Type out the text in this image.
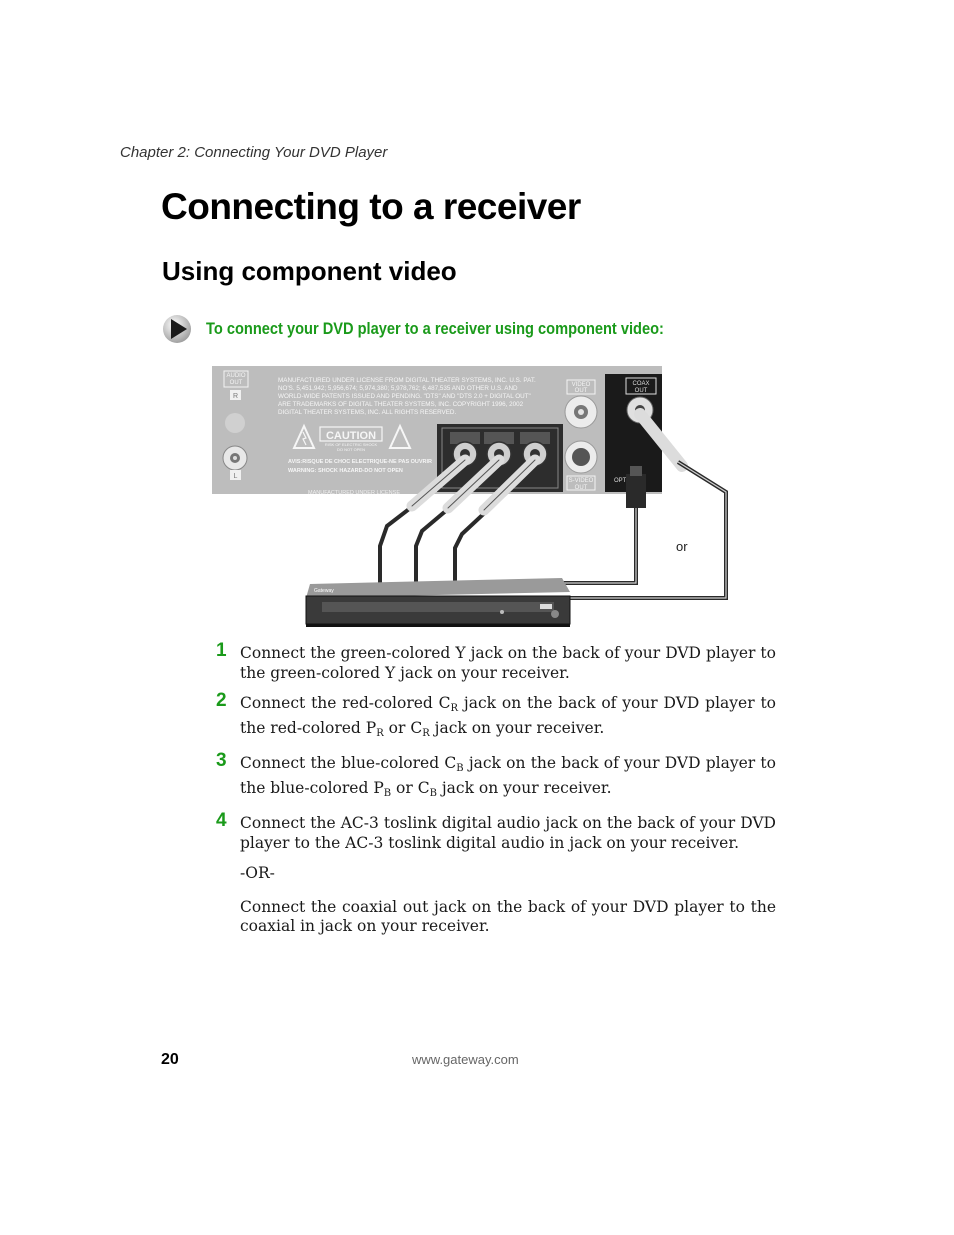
Chapter 2: Connecting Your DVD Player
Connecting to a receiver
Using component video
To connect your DVD player to a receiver using component video:
AUDIO
OUT
R
L
MANUFACTURED UNDER LICENSE FROM DIGITAL THEATER SYSTEMS, INC. U.S. PAT.
NO'S. 5,451,942; 5,956,674; 5,974,380; 5,978,762; 6,487,535 AND OTHER U.S. AND
WORLD-WIDE PATENTS ISSUED AND PENDING. "DTS" AND "DTS 2.0 + DIGITAL OUT"
ARE TRADEMARKS OF DIGITAL THEATER SYSTEMS, INC. COPYRIGHT 1996, 2002
DIGITAL THEATER SYSTEMS, INC. ALL RIGHTS RESERVED.
CAUTION
RISK OF ELECTRIC SHOCK
DO NOT OPEN
AVIS:RISQUE DE CHOC ELECTRIQUE-NE PAS OUVRIR
WARNING: SHOCK HAZARD-DO NOT OPEN
MANUFACTURED UNDER LICENSE
VIDEO
OUT
S-VIDEO
OUT
COAX
OUT
OPT
or
Gateway
1 Connect the green-colored Y jack on the back of your DVD player to the green-colored Y jack on your receiver.
2 Connect the red-colored $C_R$ jack on the back of your DVD player to the red-colored $P_R$ or $C_R$ jack on your receiver.
3 Connect the blue-colored $C_B$ jack on the back of your DVD player to the blue-colored $P_B$ or $C_B$ jack on your receiver.
4 Connect the AC-3 toslink digital audio jack on the back of your DVD player to the AC-3 toslink digital audio in jack on your receiver.
-OR-
Connect the coaxial out jack on the back of your DVD player to the coaxial in jack on your receiver.
20	www.gateway.com
